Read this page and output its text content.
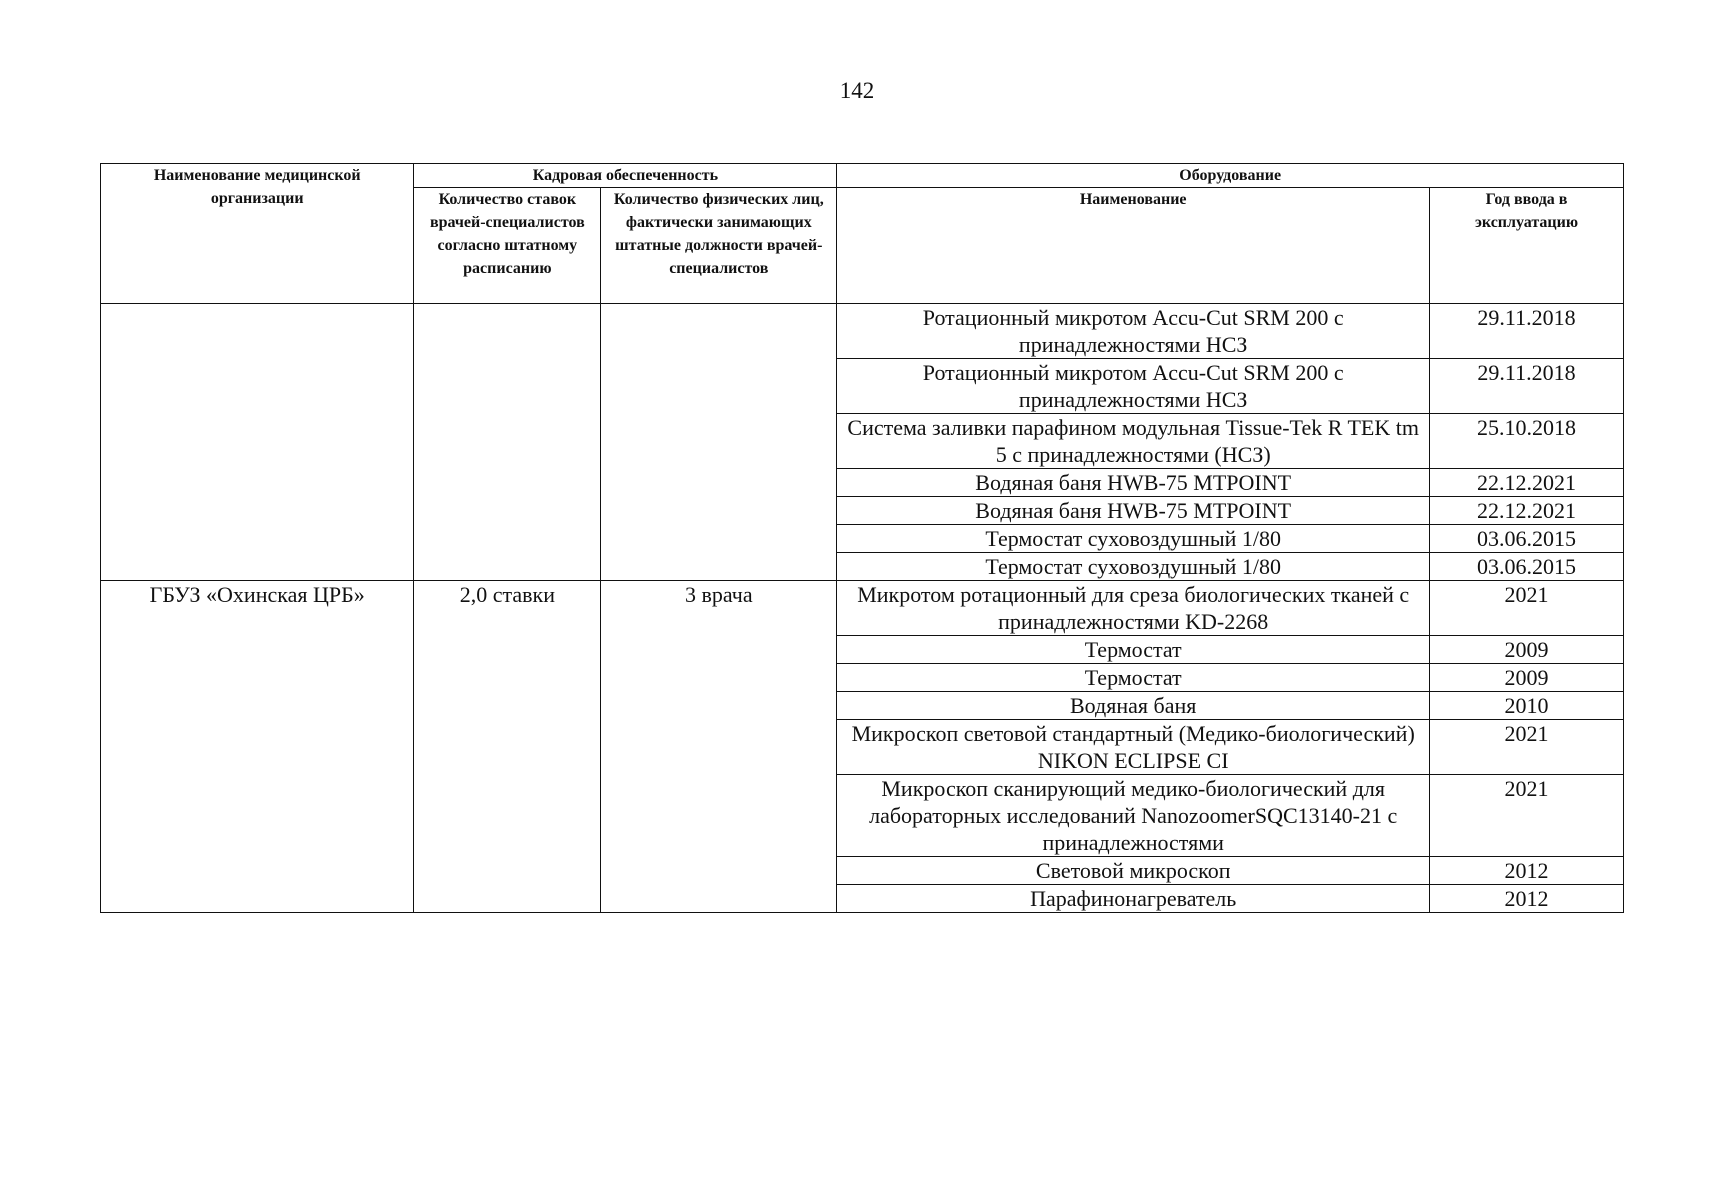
142
Наименование медицинской организации	Кадровая обеспеченность		Оборудование	
	Количество ставок врачей-специалистов согласно штатному расписанию	Количество физических лиц, фактически занимающих штатные должности врачей-специалистов	Наименование	Год ввода в эксплуатацию
			Ротационный микротом Accu-Cut SRM 200 с принадлежностями НСЗ	29.11.2018
			Ротационный микротом Accu-Cut SRM 200 с принадлежностями НСЗ	29.11.2018
			Система заливки парафином модульная Tissue-Tek R TEK tm 5 с принадлежностями (НСЗ)	25.10.2018
			Водяная баня HWB-75 MTPOINT	22.12.2021
			Водяная баня HWB-75 MTPOINT	22.12.2021
			Термостат суховоздушный 1/80	03.06.2015
			Термостат суховоздушный 1/80	03.06.2015
ГБУЗ «Охинская ЦРБ»	2,0 ставки	3 врача	Микротом ротационный для среза биологических тканей с принадлежностями KD-2268	2021
			Термостат	2009
			Термостат	2009
			Водяная баня	2010
			Микроскоп световой стандартный (Медико-биологический) NIKON ECLIPSE CI	2021
			Микроскоп сканирующий медико-биологический для лабораторных исследований NanozoomerSQC13140-21 с принадлежностями	2021
			Световой микроскоп	2012
			Парафинонагреватель	2012
